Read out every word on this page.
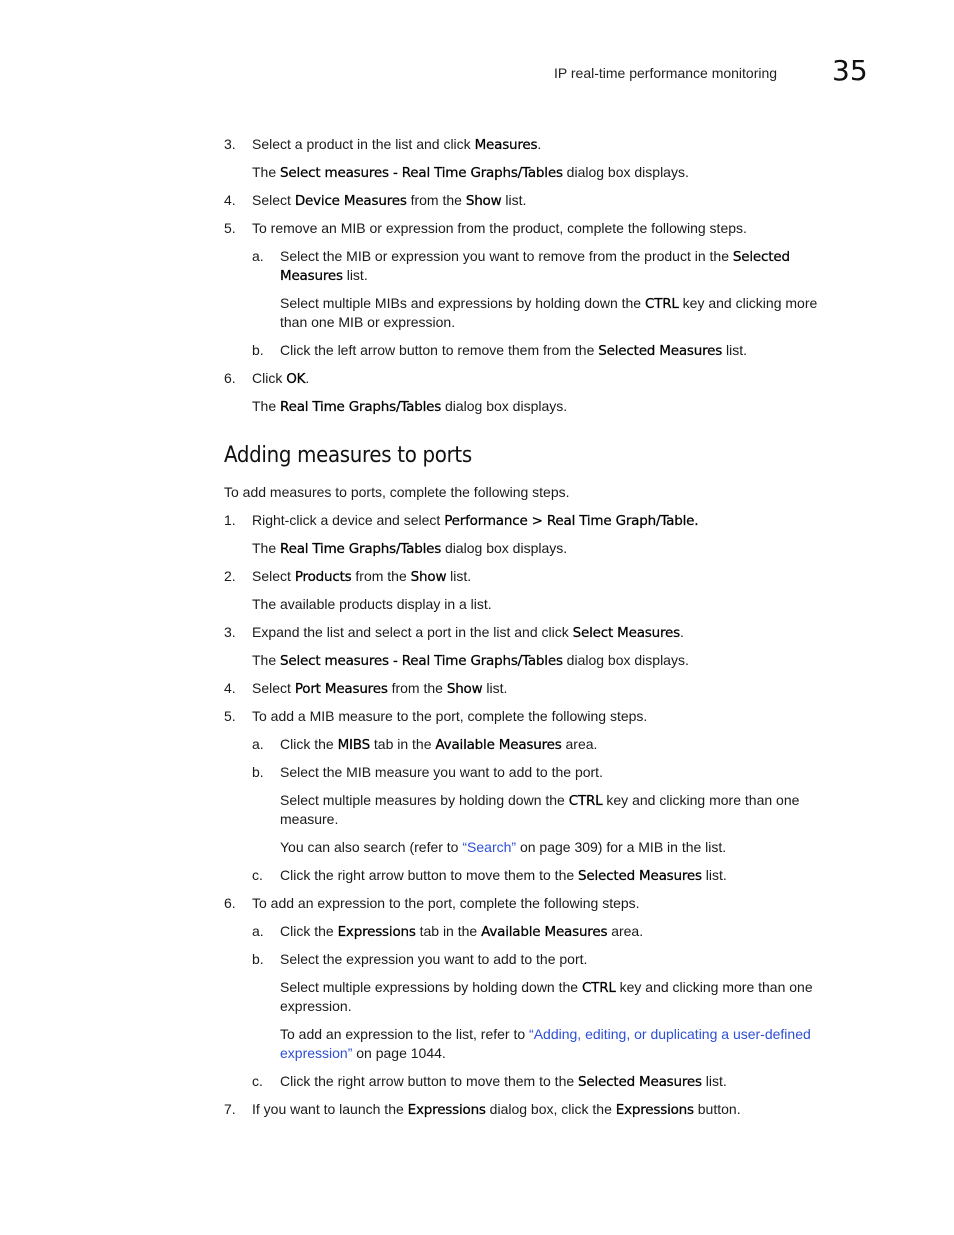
IP real-time performance monitoring 35
3.	Select a product in the list and click Measures.
The Select measures - Real Time Graphs/Tables dialog box displays.
4.	Select Device Measures from the Show list.
5.	To remove an MIB or expression from the product, complete the following steps.
a.	Select the MIB or expression you want to remove from the product in the Selected
Measures list.
Select multiple MIBs and expressions by holding down the CTRL key and clicking more
than one MIB or expression.
b.	Click the left arrow button to remove them from the Selected Measures list.
6.	Click OK.
The Real Time Graphs/Tables dialog box displays.
Adding measures to ports
To add measures to ports, complete the following steps.
1.	Right-click a device and select Performance > Real Time Graph/Table.
The Real Time Graphs/Tables dialog box displays.
2.	Select Products from the Show list.
The available products display in a list.
3.	Expand the list and select a port in the list and click Select Measures.
The Select measures - Real Time Graphs/Tables dialog box displays.
4.	Select Port Measures from the Show list.
5.	To add a MIB measure to the port, complete the following steps.
a.	Click the MIBS tab in the Available Measures area.
b.	Select the MIB measure you want to add to the port.
Select multiple measures by holding down the CTRL key and clicking more than one
measure.
You can also search (refer to “Search” on page 309) for a MIB in the list.
c.	Click the right arrow button to move them to the Selected Measures list.
6.	To add an expression to the port, complete the following steps.
a.	Click the Expressions tab in the Available Measures area.
b.	Select the expression you want to add to the port.
Select multiple expressions by holding down the CTRL key and clicking more than one
expression.
To add an expression to the list, refer to “Adding, editing, or duplicating a user-defined
expression” on page 1044.
c.	Click the right arrow button to move them to the Selected Measures list.
7.	If you want to launch the Expressions dialog box, click the Expressions button.
